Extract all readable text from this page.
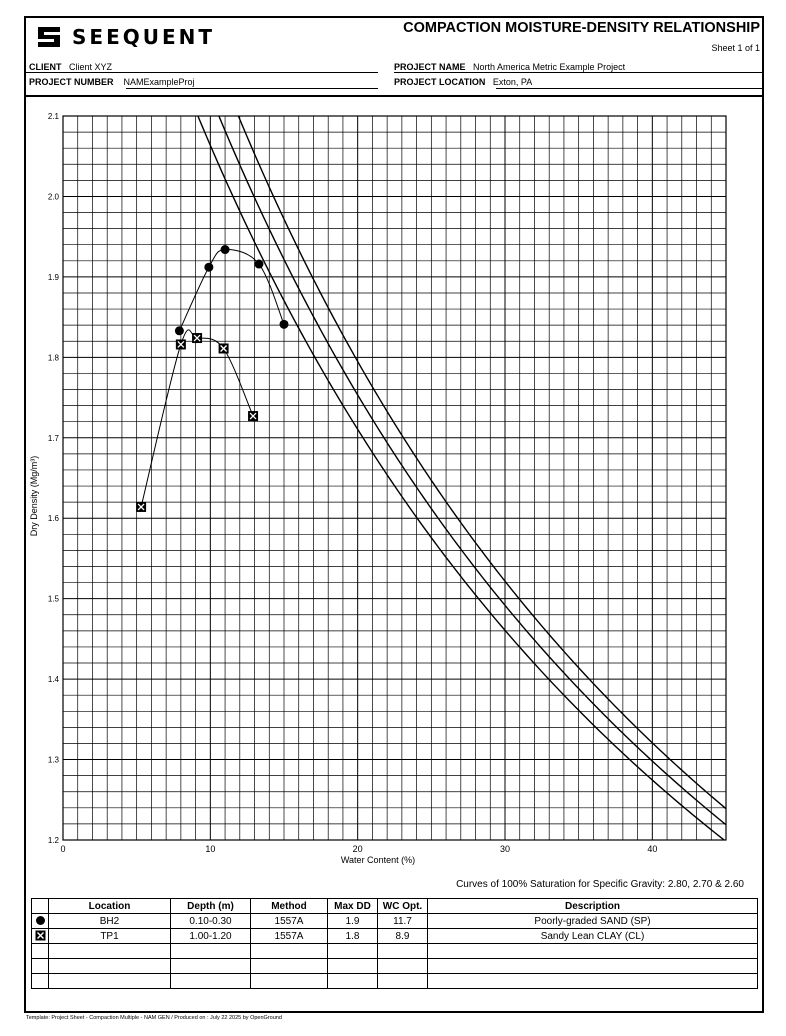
SEEQUENT	COMPACTION MOISTURE-DENSITY RELATIONSHIP
Sheet 1 of 1
CLIENT Client XYZ	PROJECT NAME North America Metric Example Project
PROJECT NUMBER NAMExampleProj	PROJECT LOCATION Exton, PA
0	10	20	30	40
1.2
1.3
1.4
1.5
1.6
1.7
1.8
1.9
2.0
2.1
Water Content (%)
Dry Density (Mg/m³)
Curves of 100% Saturation for Specific Gravity: 2.80, 2.70 & 2.60
	Location	Depth (m)	Method	Max DD	WC Opt.	Description
	BH2	0.10-0.30	1557A	1.9	11.7	Poorly-graded SAND (SP)
	TP1	1.00-1.20	1557A	1.8	8.9	Sandy Lean CLAY (CL)

Template: Project Sheet - Compaction Multiple - NAM GEN / Produced on : July 22 2025 by OpenGround
